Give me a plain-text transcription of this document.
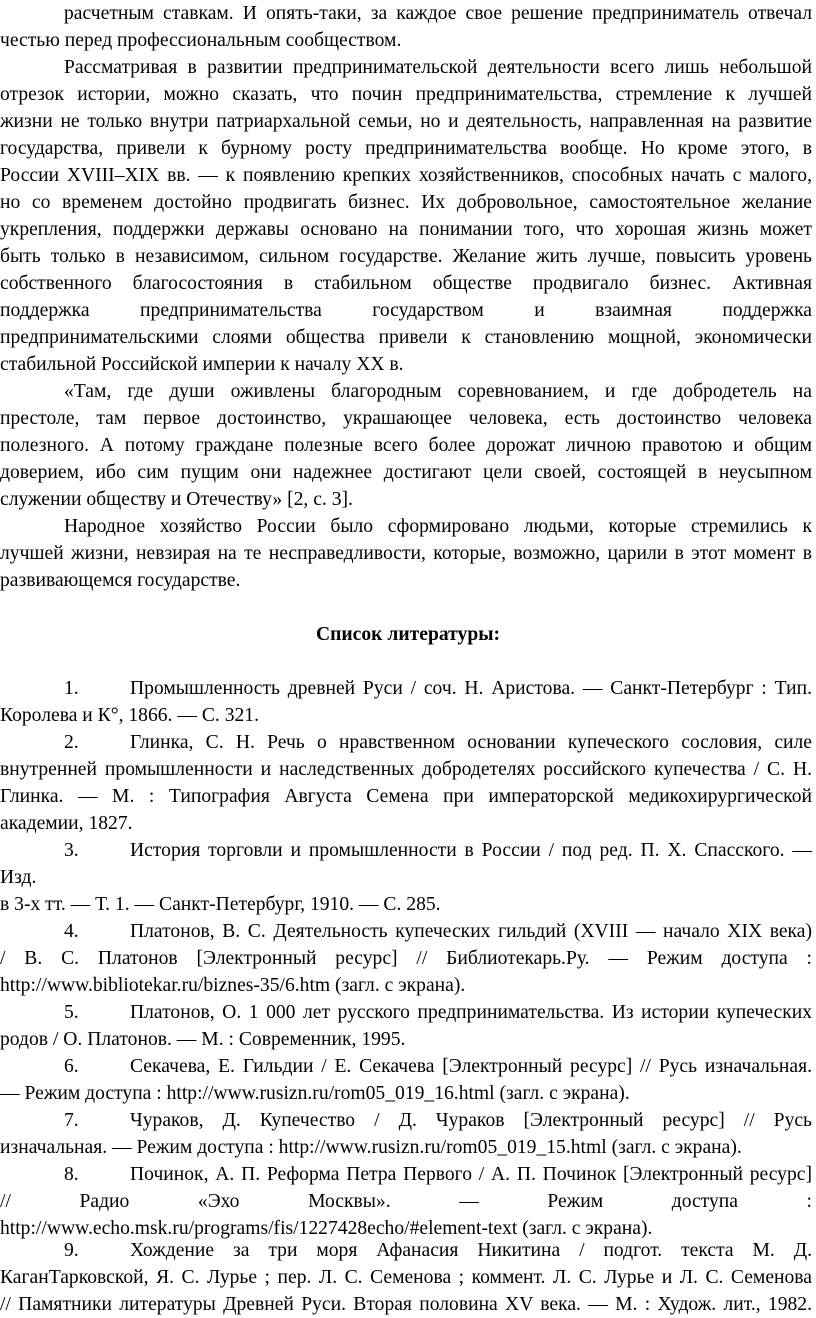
расчетным ставкам. И опять-таки, за каждое свое решение предприниматель отвечал
честью перед профессиональным сообществом.
Рассматривая в развитии предпринимательской деятельности всего лишь небольшой
отрезок истории, можно сказать, что почин предпринимательства, стремление к лучшей
жизни не только внутри патриархальной семьи, но и деятельность, направленная на развитие
государства, привели к бурному росту предпринимательства вообще. Но кроме этого, в
России XVIII–XIX вв. — к появлению крепких хозяйственников, способных начать с малого,
но со временем достойно продвигать бизнес. Их добровольное, самостоятельное желание
укрепления, поддержки державы основано на понимании того, что хорошая жизнь может
быть только в независимом, сильном государстве. Желание жить лучше, повысить уровень
собственного благосостояния в стабильном обществе продвигало бизнес. Активная
поддержка предпринимательства государством и взаимная поддержка
предпринимательскими слоями общества привели к становлению мощной, экономически
стабильной Российской империи к началу XX в.
«Там, где души оживлены благородным соревнованием, и где добродетель на
престоле, там первое достоинство, украшающее человека, есть достоинство человека
полезного. А потому граждане полезные всего более дорожат личною правотою и общим
доверием, ибо сим пущим они надежнее достигают цели своей, состоящей в неусыпном
служении обществу и Отечеству» [2, с. 3].
Народное хозяйство России было сформировано людьми, которые стремились к
лучшей жизни, невзирая на те несправедливости, которые, возможно, царили в этот момент в
развивающемся государстве.
Список литературы:
1.	Промышленность древней Руси / соч. Н. Аристова. — Санкт-Петербург : Тип.
Королева и К°, 1866. — С. 321.
2.	Глинка, С. Н. Речь о нравственном основании купеческого сословия, силе
внутренней промышленности и наследственных добродетелях российского купечества / С. Н.
Глинка. — М. : Типография Августа Семена при императорской медикохирургической
академии, 1827.
3.	История торговли и промышленности в России / под ред. П. Х. Спасского. —
Изд.
в 3-х тт. — Т. 1. — Санкт-Петербург, 1910. — С. 285.
4.	Платонов, В. С. Деятельность купеческих гильдий (XVIII — начало XIX века)
/ В. С. Платонов [Электронный ресурс] // Библиотекарь.Ру. — Режим доступа :
http://www.bibliotekar.ru/biznes-35/6.htm (загл. с экрана).
5.	Платонов, О. 1 000 лет русского предпринимательства. Из истории купеческих
родов / О. Платонов. — М. : Современник, 1995.
6.	Секачева, Е. Гильдии / Е. Секачева [Электронный ресурс] // Русь изначальная.
— Режим доступа : http://www.rusizn.ru/rom05_019_16.html (загл. с экрана).
7.	Чураков, Д. Купечество / Д. Чураков [Электронный ресурс] // Русь
изначальная. — Режим доступа : http://www.rusizn.ru/rom05_019_15.html (загл. с экрана).
8.	Починок, А. П. Реформа Петра Первого / А. П. Починок [Электронный ресурс]
// Радио «Эхо Москвы». — Режим доступа :
http://www.echo.msk.ru/programs/fis/1227428echo/#element-text (загл. с экрана).
9.	Хождение за три моря Афанасия Никитина / подгот. текста М. Д.
КаганТарковской, Я. С. Лурье ; пер. Л. С. Семенова ; коммент. Л. С. Лурье и Л. С. Семенова
// Памятники литературы Древней Руси. Вторая половина XV века. — М. : Худож. лит., 1982.
